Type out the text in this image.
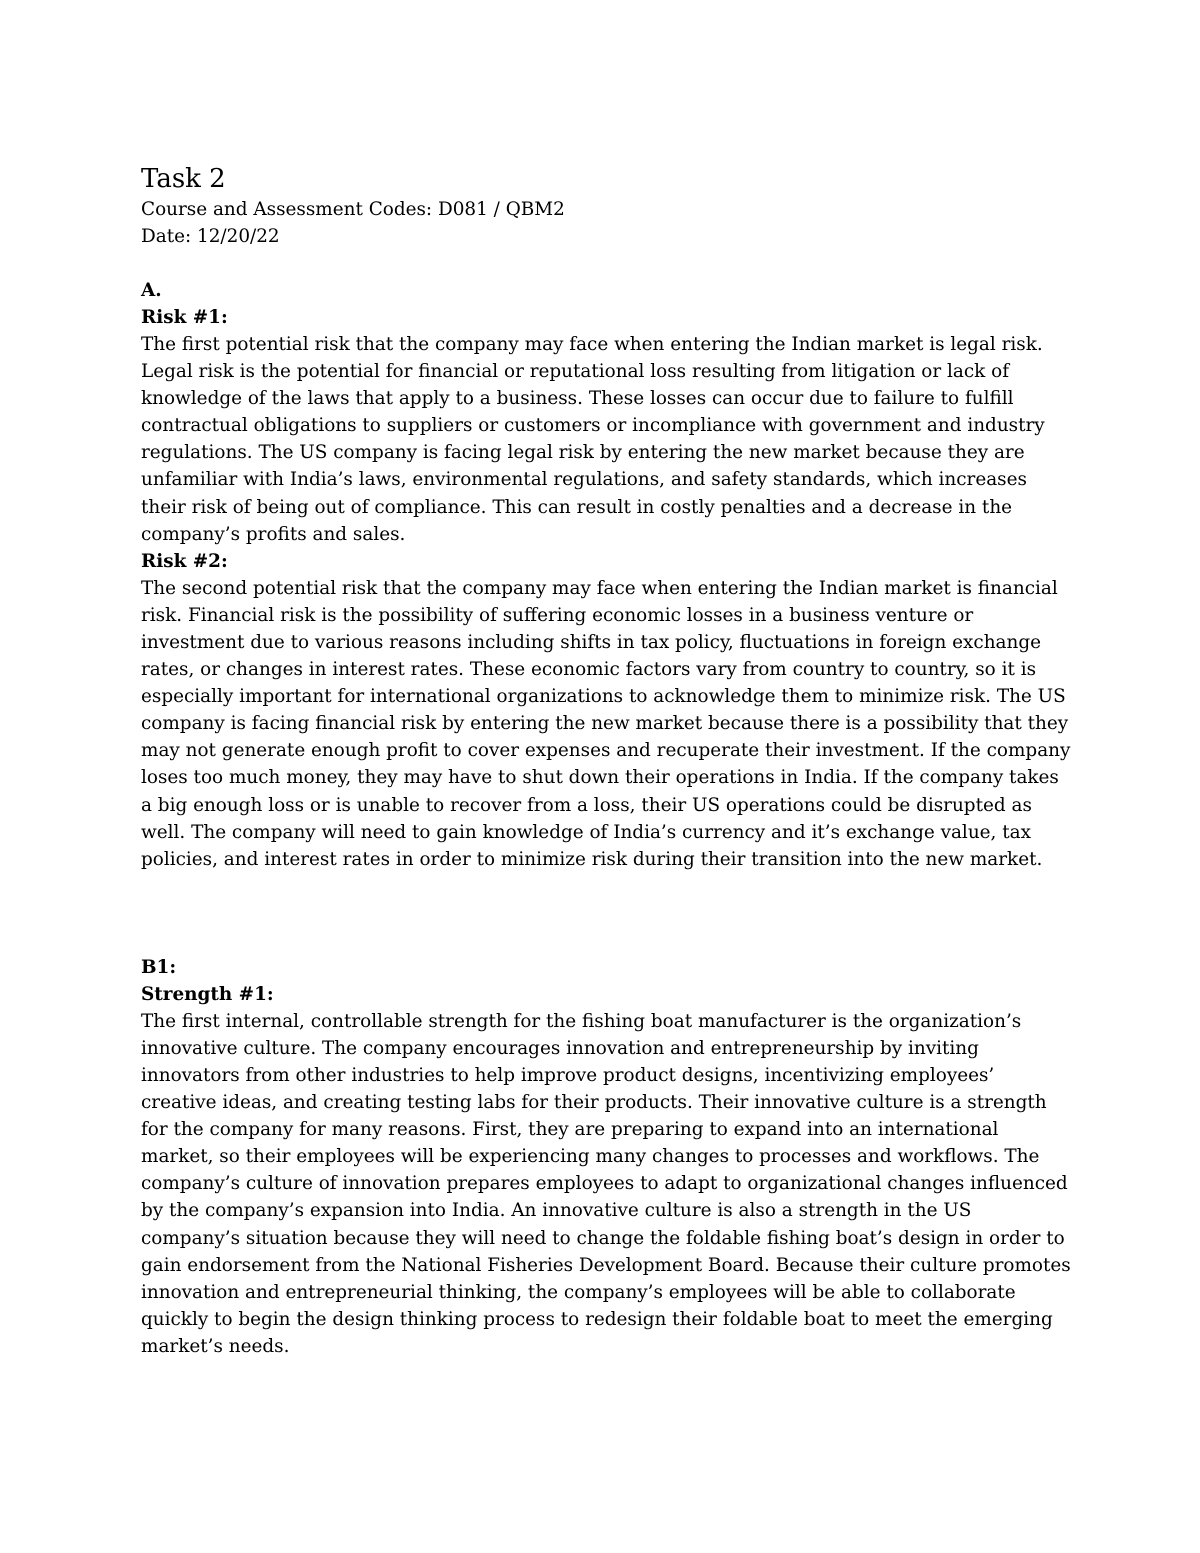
Task 2

Course and Assessment Codes: D081 / QBM2

Date: 12/20/22

A.

Risk #1:

The first potential risk that the company may face when entering the Indian market is legal risk. Legal risk is the potential for financial or reputational loss resulting from litigation or lack of knowledge of the laws that apply to a business. These losses can occur due to failure to fulfill contractual obligations to suppliers or customers or incompliance with government and industry regulations. The US company is facing legal risk by entering the new market because they are unfamiliar with India’s laws, environmental regulations, and safety standards, which increases their risk of being out of compliance. This can result in costly penalties and a decrease in the company’s profits and sales.

Risk #2:

The second potential risk that the company may face when entering the Indian market is financial risk. Financial risk is the possibility of suffering economic losses in a business venture or investment due to various reasons including shifts in tax policy, fluctuations in foreign exchange rates, or changes in interest rates. These economic factors vary from country to country, so it is especially important for international organizations to acknowledge them to minimize risk. The US company is facing financial risk by entering the new market because there is a possibility that they may not generate enough profit to cover expenses and recuperate their investment. If the company loses too much money, they may have to shut down their operations in India. If the company takes a big enough loss or is unable to recover from a loss, their US operations could be disrupted as well. The company will need to gain knowledge of India’s currency and it’s exchange value, tax policies, and interest rates in order to minimize risk during their transition into the new market.

B1:

Strength #1:

The first internal, controllable strength for the fishing boat manufacturer is the organization’s innovative culture. The company encourages innovation and entrepreneurship by inviting innovators from other industries to help improve product designs, incentivizing employees’ creative ideas, and creating testing labs for their products. Their innovative culture is a strength for the company for many reasons. First, they are preparing to expand into an international market, so their employees will be experiencing many changes to processes and workflows. The company’s culture of innovation prepares employees to adapt to organizational changes influenced by the company’s expansion into India. An innovative culture is also a strength in the US company’s situation because they will need to change the foldable fishing boat’s design in order to gain endorsement from the National Fisheries Development Board. Because their culture promotes innovation and entrepreneurial thinking, the company’s employees will be able to collaborate quickly to begin the design thinking process to redesign their foldable boat to meet the emerging market’s needs.
